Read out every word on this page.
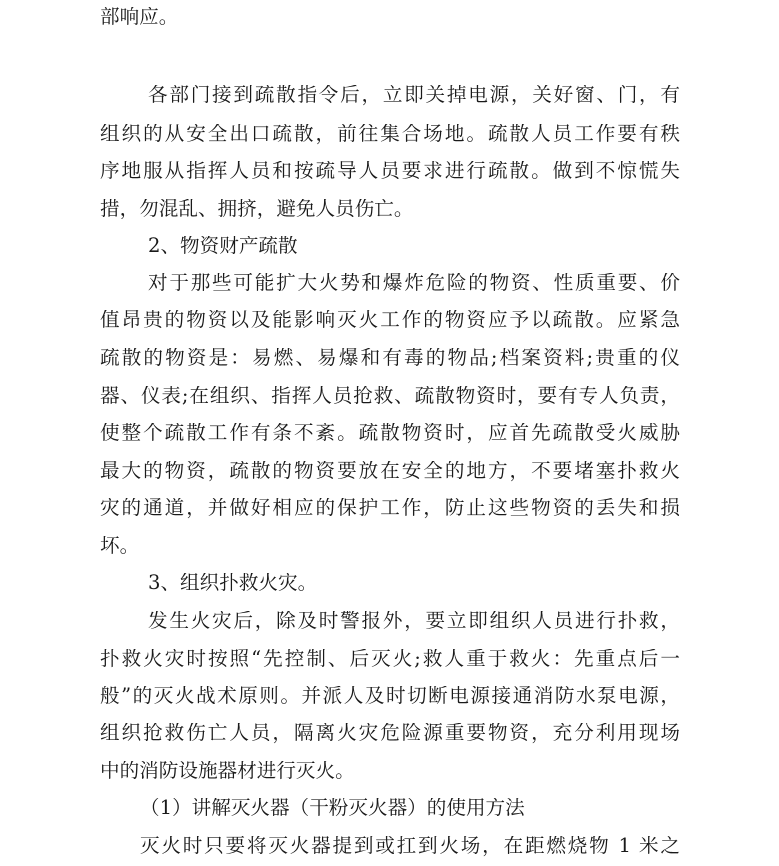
部响应。
各部门接到疏散指令后，立即关掉电源，关好窗、门，有
组织的从安全出口疏散，前往集合场地。疏散人员工作要有秩
序地服从指挥人员和按疏导人员要求进行疏散。做到不惊慌失
措，勿混乱、拥挤，避免人员伤亡。
2、物资财产疏散
对于那些可能扩大火势和爆炸危险的物资、性质重要、价
值昂贵的物资以及能影响灭火工作的物资应予以疏散。应紧急
疏散的物资是：易燃、易爆和有毒的物品;档案资料;贵重的仪
器、仪表;在组织、指挥人员抢救、疏散物资时，要有专人负责，
使整个疏散工作有条不紊。疏散物资时，应首先疏散受火威胁
最大的物资，疏散的物资要放在安全的地方，不要堵塞扑救火
灾的通道，并做好相应的保护工作，防止这些物资的丢失和损
坏。
3、组织扑救火灾。
发生火灾后，除及时警报外，要立即组织人员进行扑救，
扑救火灾时按照“先控制、后灭火;救人重于救火：先重点后一
般”的灭火战术原则。并派人及时切断电源接通消防水泵电源，
组织抢救伤亡人员，隔离火灾危险源重要物资，充分利用现场
中的消防设施器材进行灭火。
（1）讲解灭火器（干粉灭火器）的使用方法
灭火时只要将灭火器提到或扛到火场，在距燃烧物 1 米之
